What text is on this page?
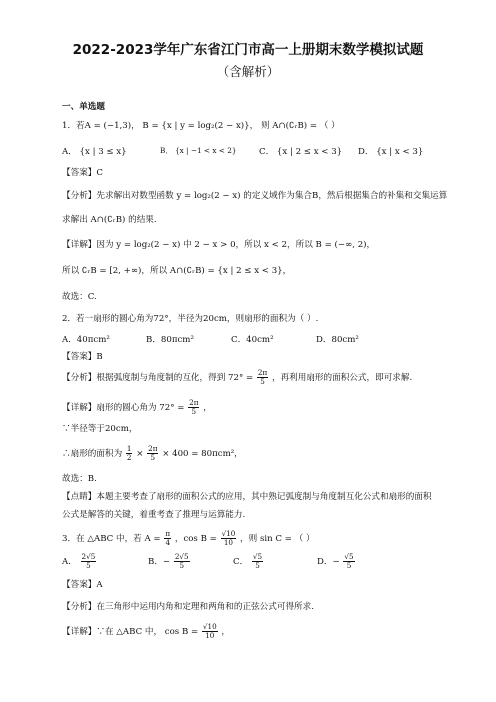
2022-2023学年广东省江门市高一上册期末数学模拟试题
（含解析）
一、单选题
1．若A = (−1,3)， B = {x | y = log₂(2 − x)}， 则 A∩(∁ᵣB) = （ ）
A． {x | 3 ≤ x}	B． {x | −1 < x < 2}	C． {x | 2 ≤ x < 3} D． {x | x < 3}
【答案】C
【分析】先求解出对数型函数 y = log₂(2 − x) 的定义域作为集合B，然后根据集合的补集和交集运算
求解出 A∩(∁ᵣB) 的结果.
【详解】因为 y = log₂(2 − x) 中 2 − x > 0，所以 x < 2，所以 B = (−∞, 2)，
所以 ∁ᵣB = [2, +∞)，所以 A∩(∁ᵣB) = {x | 2 ≤ x < 3}，
故选：C.
2．若一扇形的圆心角为72°，半径为20cm，则扇形的面积为（ ）.
A．40πcm²	B．80πcm²	C．40cm²	D．80cm²
【答案】B
【分析】根据弧度制与角度制的互化，得到 $72^\circ = \frac{2\pi}{5}$ ，再利用扇形的面积公式，即可求解.
【详解】扇形的圆心角为 $72^\circ = \frac{2\pi}{5}$ ，
∵半径等于20cm，
∴扇形的面积为 $\frac{1}{2} \times \frac{2\pi}{5} \times 400 = 80\pi cm^2$，
故选：B.
【点睛】本题主要考查了扇形的面积公式的应用，其中熟记弧度制与角度制互化公式和扇形的面积
公式是解答的关键，着重考查了推理与运算能力.
3．在 △ABC 中，若 $A = \frac{\pi}{4}$ ，$\cos B = \frac{√10}{10}$ ，则 sin C = （ ）
A． $\frac{2√5}{5}$	B．− $\frac{2√5}{5}$	C． $\frac{√5}{5}$	D．− $\frac{√5}{5}$
【答案】A
【分析】在三角形中运用内角和定理和两角和的正弦公式可得所求.
【详解】∵在 △ABC 中， $\cos B = \frac{√10}{10}$ ，
